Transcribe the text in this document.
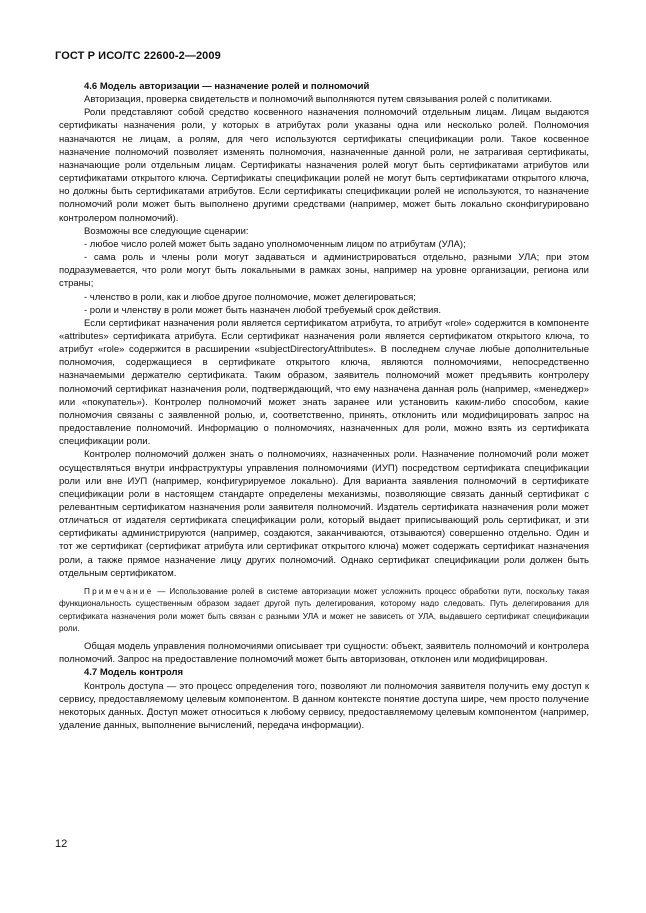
ГОСТ Р ИСО/ТС 22600-2—2009
4.6 Модель авторизации — назначение ролей и полномочий

Авторизация, проверка свидетельств и полномочий выполняются путем связывания ролей с политиками.

Роли представляют собой средство косвенного назначения полномочий отдельным лицам. Лицам выдаются сертификаты назначения роли, у которых в атрибутах роли указаны одна или несколько ролей. Полномочия назначаются не лицам, а ролям, для чего используются сертификаты спецификации роли. Такое косвенное назначение полномочий позволяет изменять полномочия, назначенные данной роли, не затрагивая сертификаты, назначающие роли отдельным лицам. Сертификаты назначения ролей могут быть сертификатами атрибутов или сертификатами открытого ключа. Сертификаты спецификации ролей не могут быть сертификатами открытого ключа, но должны быть сертификатами атрибутов. Если сертификаты спецификации ролей не используются, то назначение полномочий роли может быть выполнено другими средствами (например, может быть локально сконфигурировано контролером полномочий).

Возможны все следующие сценарии:

- любое число ролей может быть задано уполномоченным лицом по атрибутам (УЛА);

- сама роль и члены роли могут задаваться и администрироваться отдельно, разными УЛА; при этом подразумевается, что роли могут быть локальными в рамках зоны, например на уровне организации, региона или страны;

- членство в роли, как и любое другое полномочие, может делегироваться;

- роли и членству в роли может быть назначен любой требуемый срок действия.

Если сертификат назначения роли является сертификатом атрибута, то атрибут «role» содержится в компоненте «attributes» сертификата атрибута. Если сертификат назначения роли является сертификатом открытого ключа, то атрибут «role» содержится в расширении «subjectDirectoryAttributes». В последнем случае любые дополнительные полномочия, содержащиеся в сертификате открытого ключа, являются полномочиями, непосредственно назначаемыми держателю сертификата. Таким образом, заявитель полномочий может предъявить контролеру полномочий сертификат назначения роли, подтверждающий, что ему назначена данная роль (например, «менеджер» или «покупатель»). Контролер полномочий может знать заранее или установить каким-либо способом, какие полномочия связаны с заявленной ролью, и, соответственно, принять, отклонить или модифицировать запрос на предоставление полномочий. Информацию о полномочиях, назначенных для роли, можно взять из сертификата спецификации роли.

Контролер полномочий должен знать о полномочиях, назначенных роли. Назначение полномочий роли может осуществляться внутри инфраструктуры управления полномочиями (ИУП) посредством сертификата спецификации роли или вне ИУП (например, конфигурируемое локально). Для варианта заявления полномочий в сертификате спецификации роли в настоящем стандарте определены механизмы, позволяющие связать данный сертификат с релевантным сертификатом назначения роли заявителя полномочий. Издатель сертификата назначения роли может отличаться от издателя сертификата спецификации роли, который выдает приписывающий роль сертификат, и эти сертификаты администрируются (например, создаются, заканчиваются, отзываются) совершенно отдельно. Один и тот же сертификат (сертификат атрибута или сертификат открытого ключа) может содержать сертификат назначения роли, а также прямое назначение лицу других полномочий. Однако сертификат спецификации роли должен быть отдельным сертификатом.

Примечание — Использование ролей в системе авторизации может усложнить процесс обработки пути, поскольку такая функциональность существенным образом задает другой путь делегирования, которому надо следовать. Путь делегирования для сертификата назначения роли может быть связан с разными УЛА и может не зависеть от УЛА, выдавшего сертификат спецификации роли.

Общая модель управления полномочиями описывает три сущности: объект, заявитель полномочий и контролера полномочий. Запрос на предоставление полномочий может быть авторизован, отклонен или модифицирован.

4.7 Модель контроля

Контроль доступа — это процесс определения того, позволяют ли полномочия заявителя получить ему доступ к сервису, предоставляемому целевым компонентом. В данном контексте понятие доступа шире, чем просто получение некоторых данных. Доступ может относиться к любому сервису, предоставляемому целевым компонентом (например, удаление данных, выполнение вычислений, передача информации).

12
